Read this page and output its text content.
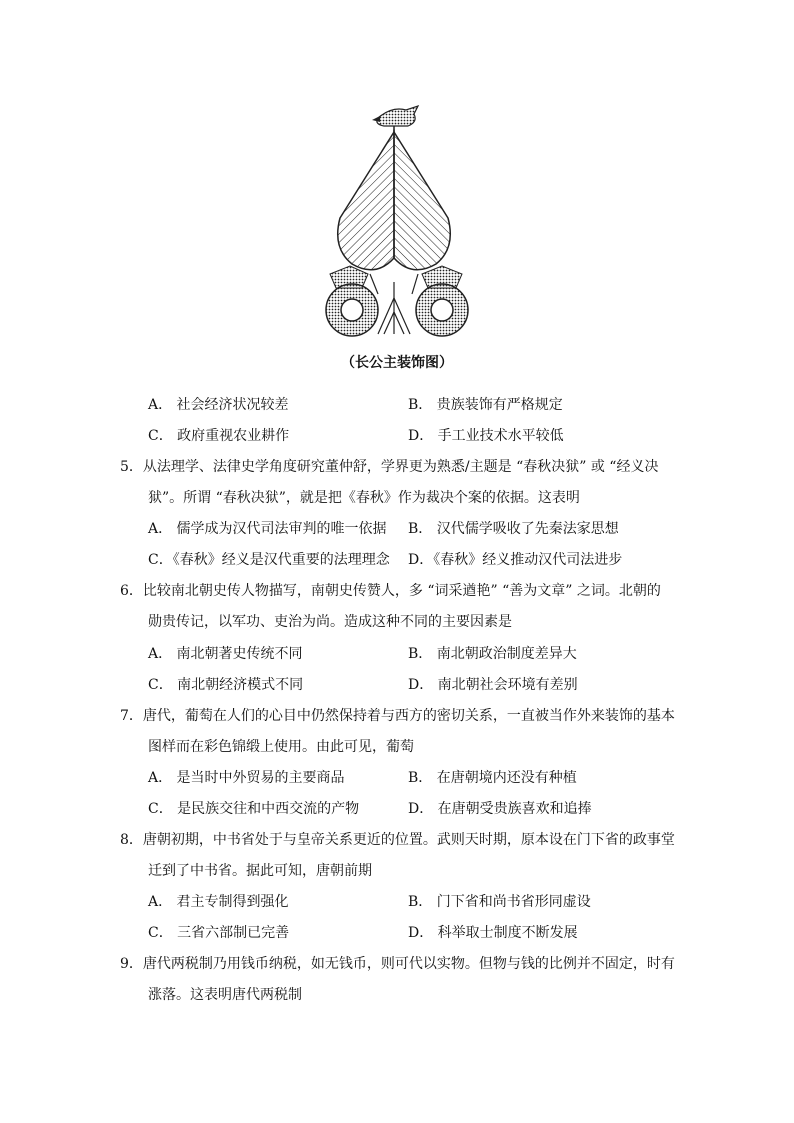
（长公主装饰图）
A． 社会经济状况较差	B． 贵族装饰有严格规定
C． 政府重视农业耕作	D． 手工业技术水平较低
5．从法理学、法律史学角度研究董仲舒，学界更为熟悉/主题是 “春秋决狱” 或 “经义决
狱”。所谓 “春秋决狱”，就是把《春秋》作为裁决个案的依据。这表明
A． 儒学成为汉代司法审判的唯一依据 B． 汉代儒学吸收了先秦法家思想
C．《春秋》经义是汉代重要的法理理念 D．《春秋》经义推动汉代司法进步
6．比较南北朝史传人物描写，南朝史传赞人，多 “词采遒艳” “善为文章” 之词。北朝的
勋贵传记，以军功、吏治为尚。造成这种不同的主要因素是
A． 南北朝著史传统不同	B． 南北朝政治制度差异大
C． 南北朝经济模式不同	D． 南北朝社会环境有差别
7．唐代，葡萄在人们的心目中仍然保持着与西方的密切关系，一直被当作外来装饰的基本
图样而在彩色锦缎上使用。由此可见，葡萄
A． 是当时中外贸易的主要商品	B． 在唐朝境内还没有种植
C． 是民族交往和中西交流的产物	D． 在唐朝受贵族喜欢和追捧
8．唐朝初期，中书省处于与皇帝关系更近的位置。武则天时期，原本设在门下省的政事堂
迁到了中书省。据此可知，唐朝前期
A． 君主专制得到强化	B． 门下省和尚书省形同虚设
C． 三省六部制已完善	D． 科举取士制度不断发展
9．唐代两税制乃用钱币纳税，如无钱币，则可代以实物。但物与钱的比例并不固定，时有
涨落。这表明唐代两税制
